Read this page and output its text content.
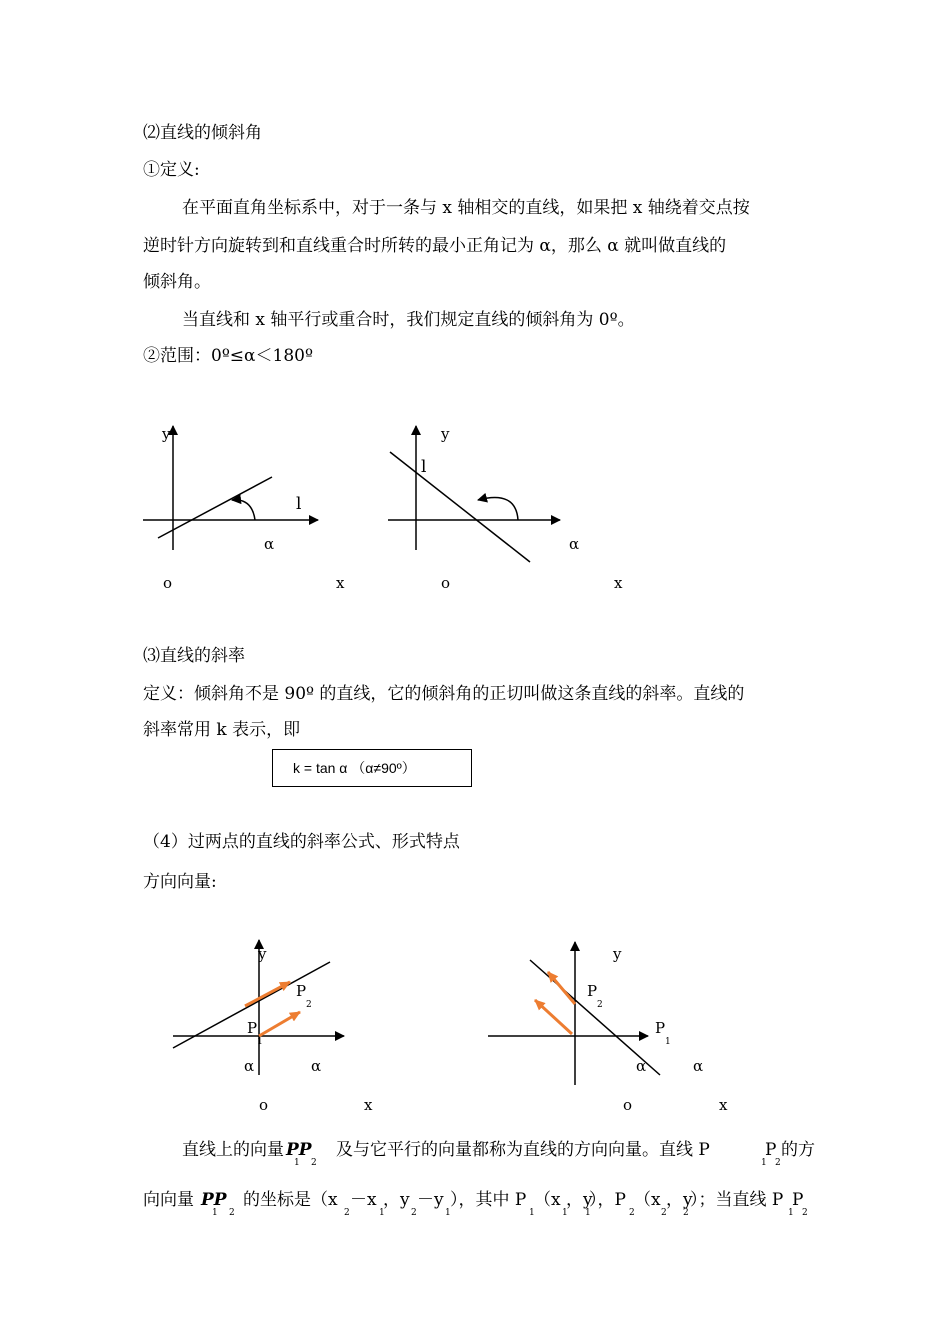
⑵直线的倾斜角
①定义:
在平面直角坐标系中，对于一条与 x 轴相交的直线，如果把 x 轴绕着交点按
逆时针方向旋转到和直线重合时所转的最小正角记为 α，那么 α 就叫做直线的
倾斜角。
当直线和 x 轴平行或重合时，我们规定直线的倾斜角为 0º。
②范围：0º≤α＜180º
y
l
α
o	x
y
l
α
o	x
⑶直线的斜率
定义：倾斜角不是 90º 的直线，它的倾斜角的正切叫做这条直线的斜率。直线的
斜率常用 k 表示，即
k = tan α （α≠90º）
（4）过两点的直线的斜率公式、形式特点
方向向量:
y
P
2
P
1
α	α
o	x
y
P
2
P
1
α	α
o	x
直线上的向量 PP
1 2
及与它平行的向量都称为直线的方向向量。直线 P
1
P
2
的方
向向量 PP
1 2
的坐标是（x
2
－x
1
，y
2
－y
1
），其中 P
1
（x
1
，y
1
），P
2
（x
2
，y
2
）；当直线 P
1
P
2
